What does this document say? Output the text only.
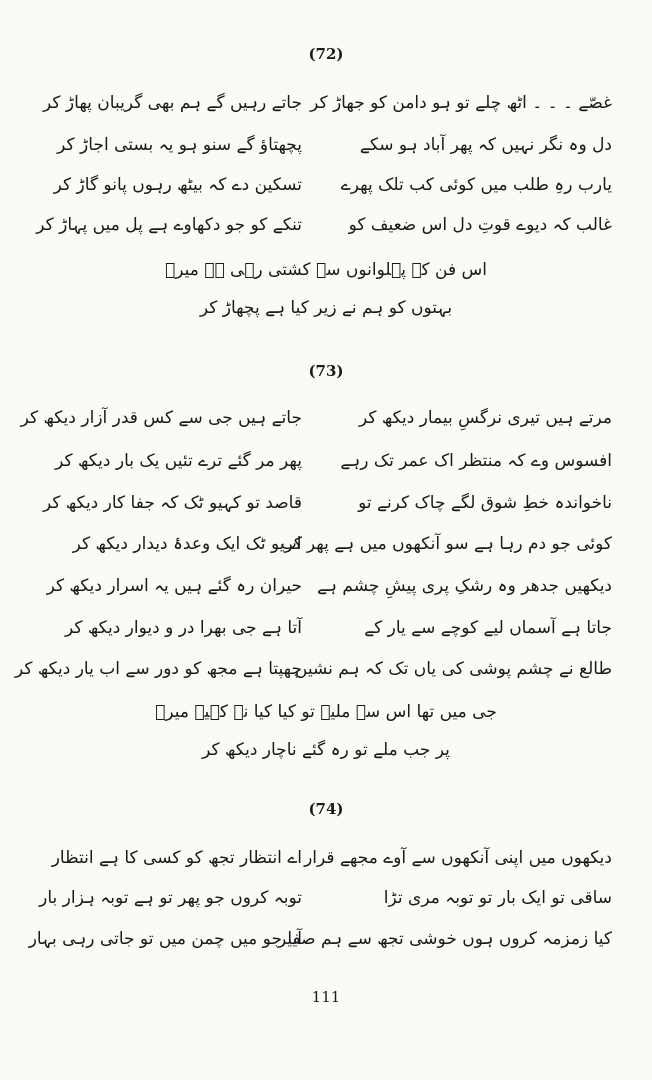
(72)
غصّے ۔ ۔ ۔ اٹھ چلے تو ہو دامن کو جھاڑ کر
جاتے رہیں گے ہم بھی گریبان پھاڑ کر
دل وہ نگر نہیں کہ پھر آباد ہو سکے
پچھتاؤ گے سنو ہو یہ بستی اجاڑ کر
یارب رہِ طلب میں کوئی کب تلک پھرے
تسکین دے کہ بیٹھ رہوں پانو گاڑ کر
غالب کہ دیوے قوتِ دل اس ضعیف کو
تنکے کو جو دکھاوے ہے پل میں پہاڑ کر
اس فن کے پہلوانوں سے کشتی رہی ہے میرؔ
بہتوں کو ہم نے زیر کیا ہے پچھاڑ کر
(73)
مرتے ہیں تیری نرگسِ بیمار دیکھ کر
جاتے ہیں جی سے کس قدر آزار دیکھ کر
افسوس وے کہ منتظر اک عمر تک رہے
پھر مر گئے ترے تئیں یک بار دیکھ کر
ناخواندہ خطِ شوق لگے چاک کرنے تو
قاصد تو کہیو ٹک کہ جفا کار دیکھ کر
کوئی جو دم رہا ہے سو آنکھوں میں ہے پھر اب
کریو ٹک ایک وعدۂ دیدار دیکھ کر
دیکھیں جدھر وہ رشکِ پری پیشِ چشم ہے
حیران رہ گئے ہیں یہ اسرار دیکھ کر
جاتا ہے آسماں لیے کوچے سے یار کے
آتا ہے جی بھرا در و دیوار دیکھ کر
طالع نے چشم پوشی کی یاں تک کہ ہم نشیں
چھپتا ہے مجھ کو دور سے اب یار دیکھ کر
جی میں تھا اس سے ملیے تو کیا کیا نہ کہیے میرؔ
پر جب ملے تو رہ گئے ناچار دیکھ کر
(74)
دیکھوں میں اپنی آنکھوں سے آوے مجھے قرار
اے انتظار تجھ کو کسی کا ہے انتظار
ساقی تو ایک بار تو توبہ مری تڑا
توبہ کروں جو پھر تو ہے توبہ ہزار بار
کیا زمزمہ کروں ہوں خوشی تجھ سے ہم صفیر
آیا جو میں چمن میں تو جاتی رہی بہار
111
